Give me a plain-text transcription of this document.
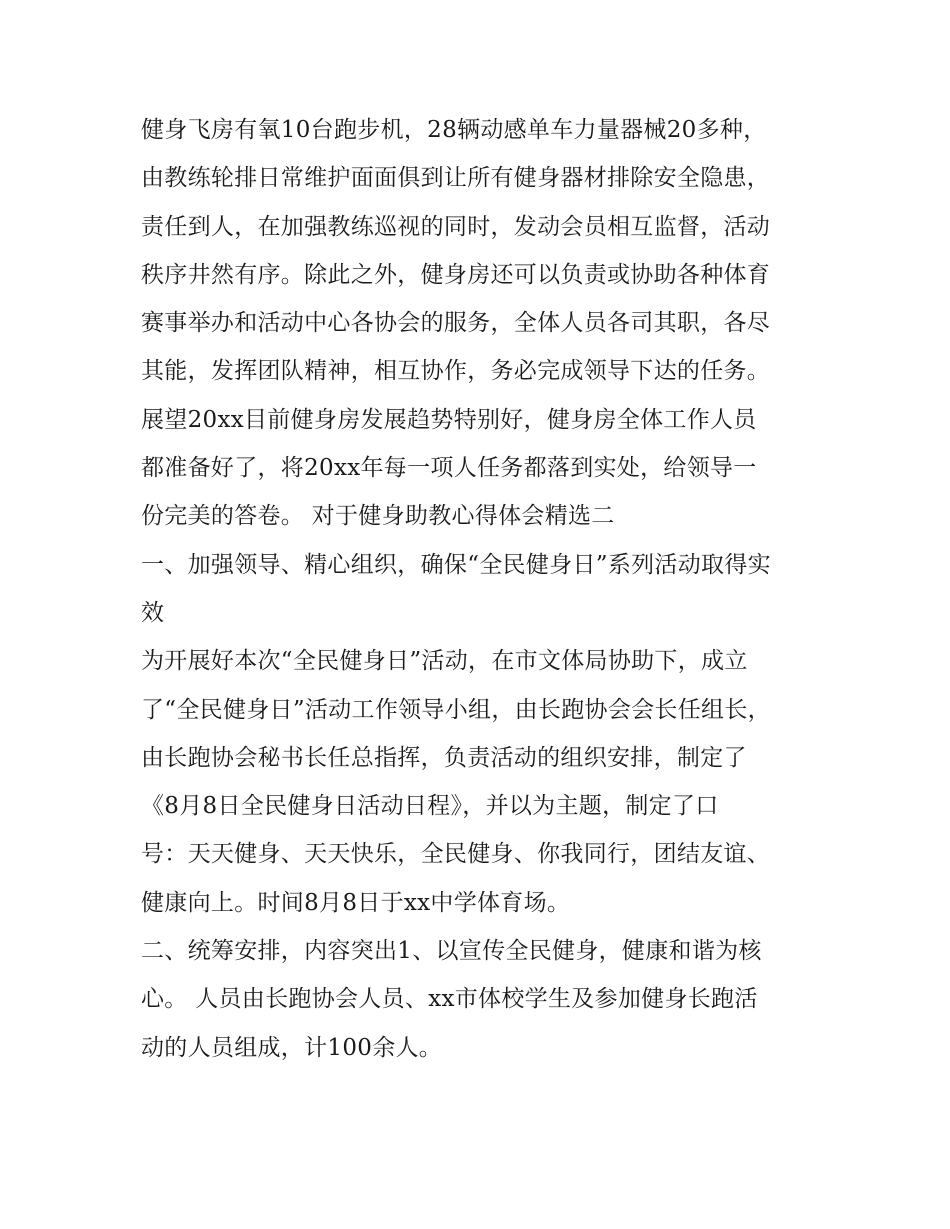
健身飞房有氧10台跑步机，28辆动感单车力量器械20多种，
由教练轮排日常维护面面俱到让所有健身器材排除安全隐患，
责任到人，在加强教练巡视的同时，发动会员相互监督，活动
秩序井然有序。除此之外，健身房还可以负责或协助各种体育
赛事举办和活动中心各协会的服务，全体人员各司其职，各尽
其能，发挥团队精神，相互协作，务必完成领导下达的任务。
展望20xx目前健身房发展趋势特别好，健身房全体工作人员
都准备好了，将20xx年每一项人任务都落到实处，给领导一
份完美的答卷。 对于健身助教心得体会精选二
一、加强领导、精心组织，确保“全民健身日”系列活动取得实
效
为开展好本次“全民健身日”活动，在市文体局协助下，成立
了“全民健身日”活动工作领导小组，由长跑协会会长任组长，
由长跑协会秘书长任总指挥，负责活动的组织安排，制定了
《8月8日全民健身日活动日程》，并以为主题，制定了口
号：天天健身、天天快乐，全民健身、你我同行，团结友谊、
健康向上。时间8月8日于xx中学体育场。
二、统筹安排，内容突出1、以宣传全民健身，健康和谐为核
心。 人员由长跑协会人员、xx市体校学生及参加健身长跑活
动的人员组成，计100余人。
